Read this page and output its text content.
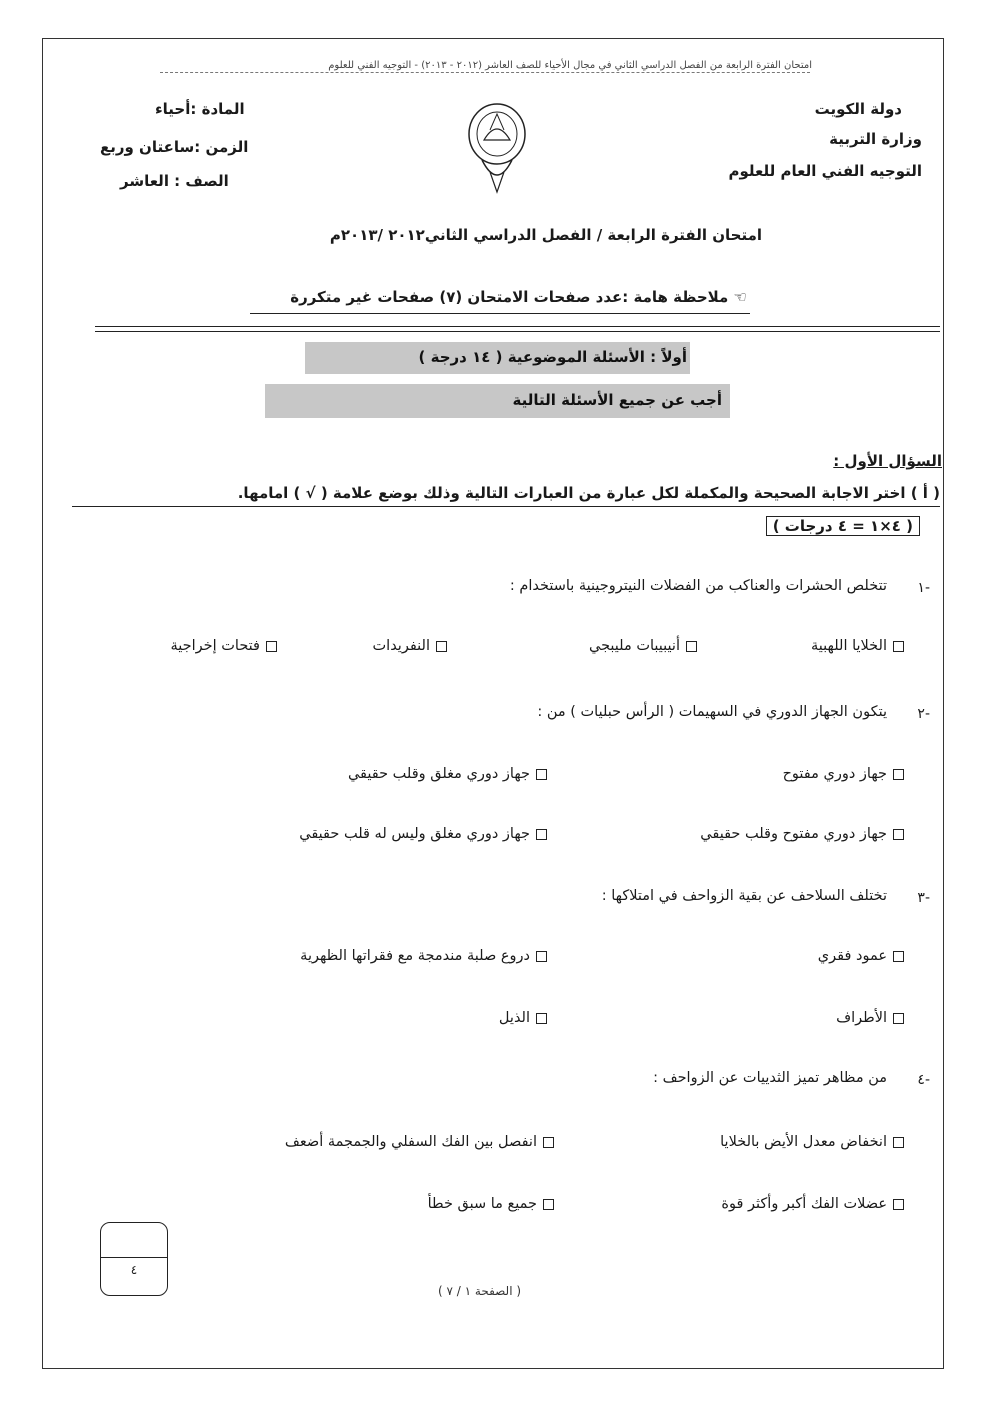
امتحان الفترة الرابعة من الفصل الدراسي الثاني في مجال الأحياء للصف العاشر (٢٠١٢ - ٢٠١٣) - التوجيه الفني للعلوم
دولة الكويت
وزارة التربية
التوجيه الفني العام للعلوم
المادة :أحياء
الزمن :ساعتان وربع
الصف : العاشر
امتحان الفترة الرابعة / الفصل الدراسي الثاني٢٠١٢ /٢٠١٣م
☜ ملاحظة هامة :عدد صفحات الامتحان (٧) صفحات غير متكررة
أولاً : الأسئلة الموضوعية ( ١٤ درجة )
أجب عن جميع الأسئلة التالية
السؤال الأول :
( أ ) اختر الاجابة الصحيحة والمكملة لكل عبارة من العبارات التالية وذلك بوضع علامة ( √ ) امامها.
( ٤×١ = ٤ درجات )
-١
تتخلص الحشرات والعناكب من الفضلات النيتروجينية باستخدام :
الخلايا اللهبية
أنيبيبات مليبجي
النفريدات
فتحات إخراجية
-٢
يتكون الجهاز الدوري في السهيمات ( الرأس حبليات ) من :
جهاز دوري مفتوح
جهاز دوري مغلق وقلب حقيقي
جهاز دوري مفتوح وقلب حقيقي
جهاز دوري مغلق وليس له قلب حقيقي
-٣
تختلف السلاحف عن بقية الزواحف في امتلاكها :
عمود فقري
دروع صلبة مندمجة مع فقراتها الظهرية
الأطراف
الذيل
-٤
من مظاهر تميز الثدييات عن الزواحف :
انخفاض معدل الأيض بالخلايا
انفصل بين الفك السفلي والجمجمة أضعف
عضلات الفك أكبر وأكثر قوة
جميع ما سبق خطأ
٤
( الصفحة ١ / ٧ )
